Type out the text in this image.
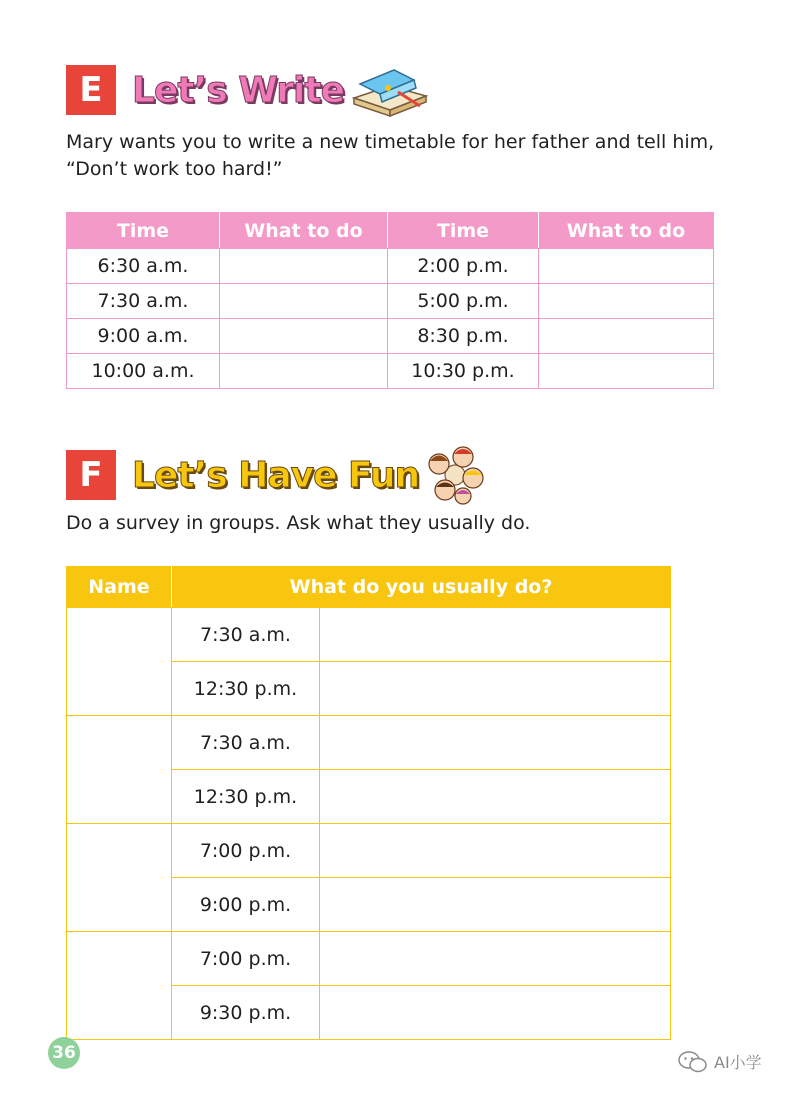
E Let’s Write
Mary wants you to write a new timetable for her father and tell him,
“Don’t work too hard!”
Time	What to do	Time	What to do
6:30 a.m.		2:00 p.m.	
7:30 a.m.		5:00 p.m.	
9:00 a.m.		8:30 p.m.	
10:00 a.m.		10:30 p.m.	
F Let’s Have Fun
Do a survey in groups. Ask what they usually do.
Name	What do you usually do?	
	7:30 a.m.	
	12:30 p.m.	
	7:30 a.m.	
	12:30 p.m.	
	7:00 p.m.	
	9:00 p.m.	
	7:00 p.m.	
	9:30 p.m.	
36	AI小学
